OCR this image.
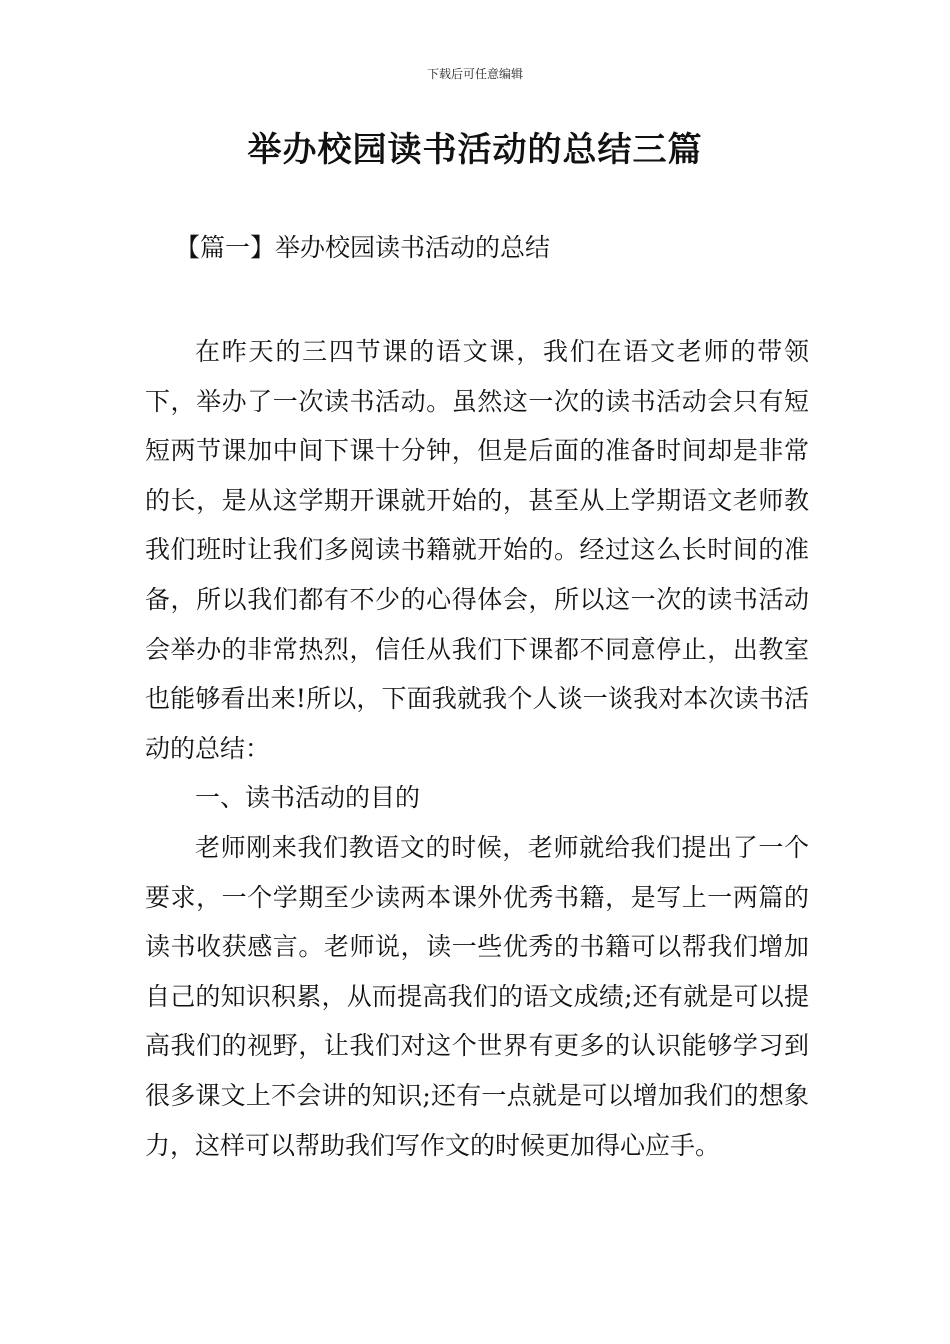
下载后可任意编辑
举办校园读书活动的总结三篇
【篇一】举办校园读书活动的总结

在昨天的三四节课的语文课，我们在语文老师的带领下，举办了一次读书活动。虽然这一次的读书活动会只有短短两节课加中间下课十分钟，但是后面的准备时间却是非常的长，是从这学期开课就开始的，甚至从上学期语文老师教我们班时让我们多阅读书籍就开始的。经过这么长时间的准备，所以我们都有不少的心得体会，所以这一次的读书活动会举办的非常热烈，信任从我们下课都不同意停止，出教室也能够看出来!所以，下面我就我个人谈一谈我对本次读书活动的总结：

一、读书活动的目的

老师刚来我们教语文的时候，老师就给我们提出了一个要求，一个学期至少读两本课外优秀书籍，是写上一两篇的读书收获感言。老师说，读一些优秀的书籍可以帮我们增加自己的知识积累，从而提高我们的语文成绩;还有就是可以提高我们的视野，让我们对这个世界有更多的认识能够学习到很多课文上不会讲的知识;还有一点就是可以增加我们的想象力，这样可以帮助我们写作文的时候更加得心应手。
